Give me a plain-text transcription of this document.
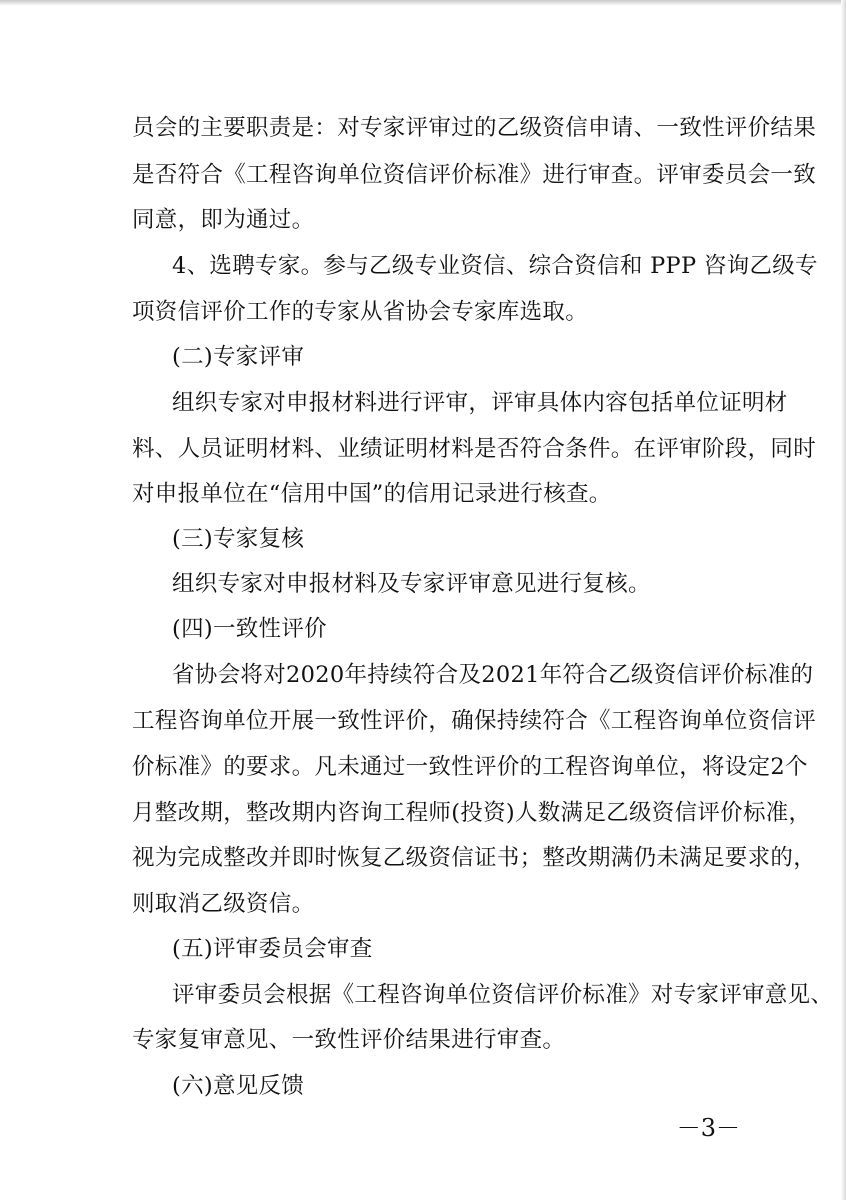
员会的主要职责是：对专家评审过的乙级资信申请、一致性评价结果
是否符合《工程咨询单位资信评价标准》进行审查。评审委员会一致
同意，即为通过。
4、选聘专家。参与乙级专业资信、综合资信和 PPP 咨询乙级专
项资信评价工作的专家从省协会专家库选取。
(二)专家评审
组织专家对申报材料进行评审，评审具体内容包括单位证明材
料、人员证明材料、业绩证明材料是否符合条件。在评审阶段，同时
对申报单位在“信用中国”的信用记录进行核查。
(三)专家复核
组织专家对申报材料及专家评审意见进行复核。
(四)一致性评价
省协会将对2020年持续符合及2021年符合乙级资信评价标准的
工程咨询单位开展一致性评价，确保持续符合《工程咨询单位资信评
价标准》的要求。凡未通过一致性评价的工程咨询单位，将设定2个
月整改期，整改期内咨询工程师(投资)人数满足乙级资信评价标准，
视为完成整改并即时恢复乙级资信证书；整改期满仍未满足要求的，
则取消乙级资信。
(五)评审委员会审查
评审委员会根据《工程咨询单位资信评价标准》对专家评审意见、
专家复审意见、一致性评价结果进行审查。
(六)意见反馈
－3－
